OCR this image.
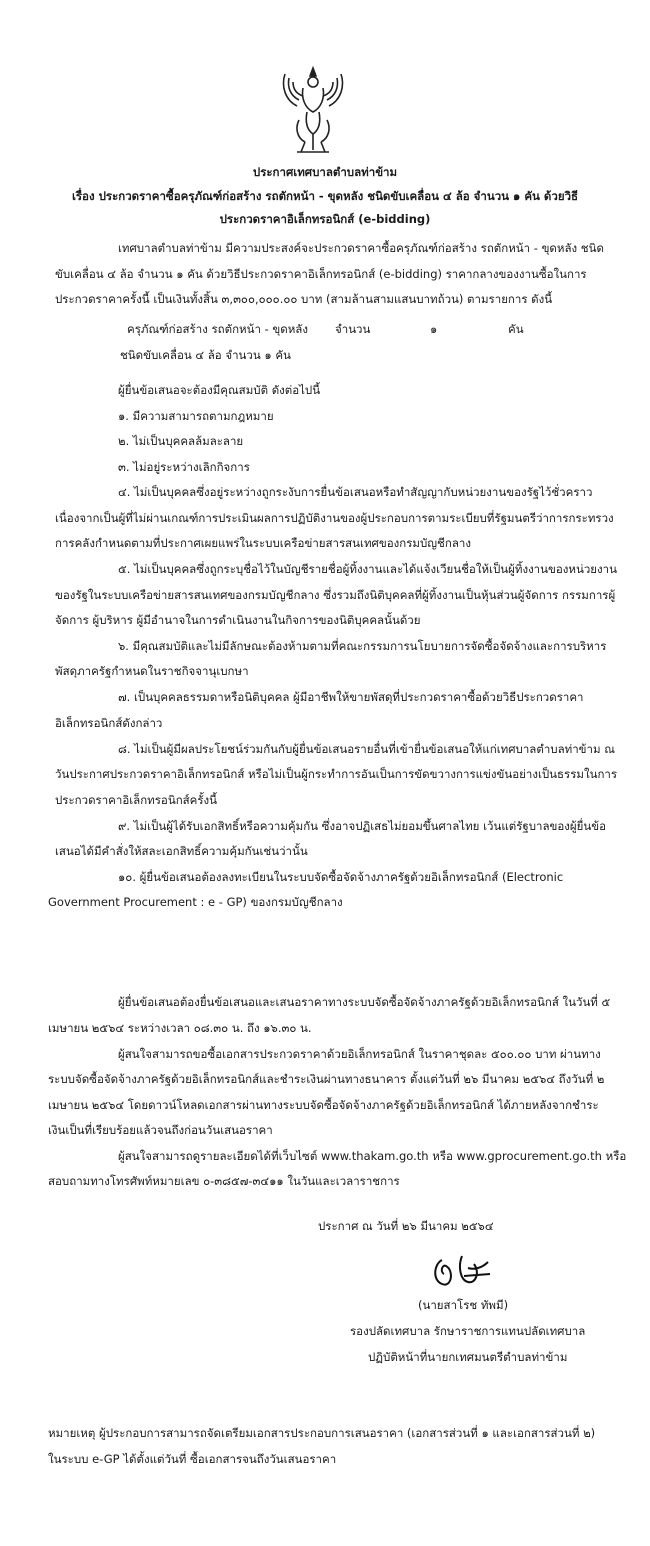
ประกาศเทศบาลตำบลท่าข้าม
เรื่อง ประกวดราคาซื้อครุภัณฑ์ก่อสร้าง รถตักหน้า - ขุดหลัง ชนิดขับเคลื่อน ๔ ล้อ จำนวน ๑ คัน ด้วยวิธี
ประกวดราคาอิเล็กทรอนิกส์ (e-bidding)
เทศบาลตำบลท่าข้าม มีความประสงค์จะประกวดราคาซื้อครุภัณฑ์ก่อสร้าง รถตักหน้า - ขุดหลัง ชนิด
ขับเคลื่อน ๔ ล้อ จำนวน ๑ คัน ด้วยวิธีประกวดราคาอิเล็กทรอนิกส์ (e-bidding) ราคากลางของงานซื้อในการ
ประกวดราคาครั้งนี้ เป็นเงินทั้งสิ้น ๓,๓๐๐,๐๐๐.๐๐ บาท (สามล้านสามแสนบาทถ้วน) ตามรายการ ดังนี้
ครุภัณฑ์ก่อสร้าง รถตักหน้า - ขุดหลัง จำนวน	๑	คัน
ชนิดขับเคลื่อน ๔ ล้อ จำนวน ๑ คัน
ผู้ยื่นข้อเสนอจะต้องมีคุณสมบัติ ดังต่อไปนี้
๑. มีความสามารถตามกฎหมาย
๒. ไม่เป็นบุคคลล้มละลาย
๓. ไม่อยู่ระหว่างเลิกกิจการ
๔. ไม่เป็นบุคคลซึ่งอยู่ระหว่างถูกระงับการยื่นข้อเสนอหรือทำสัญญากับหน่วยงานของรัฐไว้ชั่วคราว
เนื่องจากเป็นผู้ที่ไม่ผ่านเกณฑ์การประเมินผลการปฏิบัติงานของผู้ประกอบการตามระเบียบที่รัฐมนตรีว่าการกระทรวง
การคลังกำหนดตามที่ประกาศเผยแพร่ในระบบเครือข่ายสารสนเทศของกรมบัญชีกลาง
๕. ไม่เป็นบุคคลซึ่งถูกระบุชื่อไว้ในบัญชีรายชื่อผู้ทิ้งงานและได้แจ้งเวียนชื่อให้เป็นผู้ทิ้งงานของหน่วยงาน
ของรัฐในระบบเครือข่ายสารสนเทศของกรมบัญชีกลาง ซึ่งรวมถึงนิติบุคคลที่ผู้ทิ้งงานเป็นหุ้นส่วนผู้จัดการ กรรมการผู้
จัดการ ผู้บริหาร ผู้มีอำนาจในการดำเนินงานในกิจการของนิติบุคคลนั้นด้วย
๖. มีคุณสมบัติและไม่มีลักษณะต้องห้ามตามที่คณะกรรมการนโยบายการจัดซื้อจัดจ้างและการบริหาร
พัสดุภาครัฐกำหนดในราชกิจจานุเบกษา
๗. เป็นบุคคลธรรมดาหรือนิติบุคคล ผู้มีอาชีพให้ขายพัสดุที่ประกวดราคาซื้อด้วยวิธีประกวดราคา
อิเล็กทรอนิกส์ดังกล่าว
๘. ไม่เป็นผู้มีผลประโยชน์ร่วมกันกับผู้ยื่นข้อเสนอรายอื่นที่เข้ายื่นข้อเสนอให้แก่เทศบาลตำบลท่าข้าม ณ
วันประกาศประกวดราคาอิเล็กทรอนิกส์ หรือไม่เป็นผู้กระทำการอันเป็นการขัดขวางการแข่งขันอย่างเป็นธรรมในการ
ประกวดราคาอิเล็กทรอนิกส์ครั้งนี้
๙. ไม่เป็นผู้ได้รับเอกสิทธิ์หรือความคุ้มกัน ซึ่งอาจปฏิเสธไม่ยอมขึ้นศาลไทย เว้นแต่รัฐบาลของผู้ยื่นข้อ
เสนอได้มีคำสั่งให้สละเอกสิทธิ์ความคุ้มกันเช่นว่านั้น
๑๐. ผู้ยื่นข้อเสนอต้องลงทะเบียนในระบบจัดซื้อจัดจ้างภาครัฐด้วยอิเล็กทรอนิกส์ (Electronic
Government Procurement : e - GP) ของกรมบัญชีกลาง
ผู้ยื่นข้อเสนอต้องยื่นข้อเสนอและเสนอราคาทางระบบจัดซื้อจัดจ้างภาครัฐด้วยอิเล็กทรอนิกส์ ในวันที่ ๕
เมษายน ๒๕๖๔ ระหว่างเวลา ๐๘.๓๐ น. ถึง ๑๖.๓๐ น.
ผู้สนใจสามารถขอซื้อเอกสารประกวดราคาด้วยอิเล็กทรอนิกส์ ในราคาชุดละ ๕๐๐.๐๐ บาท ผ่านทาง
ระบบจัดซื้อจัดจ้างภาครัฐด้วยอิเล็กทรอนิกส์และชำระเงินผ่านทางธนาคาร ตั้งแต่วันที่ ๒๖ มีนาคม ๒๕๖๔ ถึงวันที่ ๒
เมษายน ๒๕๖๔ โดยดาวน์โหลดเอกสารผ่านทางระบบจัดซื้อจัดจ้างภาครัฐด้วยอิเล็กทรอนิกส์ ได้ภายหลังจากชำระ
เงินเป็นที่เรียบร้อยแล้วจนถึงก่อนวันเสนอราคา
ผู้สนใจสามารถดูรายละเอียดได้ที่เว็บไซต์ www.thakam.go.th หรือ www.gprocurement.go.th หรือ
สอบถามทางโทรศัพท์หมายเลข ๐-๓๘๕๗-๓๔๑๑ ในวันและเวลาราชการ
ประกาศ ณ วันที่ ๒๖ มีนาคม ๒๕๖๔
(นายสาโรช ทัพมี)
รองปลัดเทศบาล รักษาราชการแทนปลัดเทศบาล
ปฏิบัติหน้าที่นายกเทศมนตรีตำบลท่าข้าม
หมายเหตุ ผู้ประกอบการสามารถจัดเตรียมเอกสารประกอบการเสนอราคา (เอกสารส่วนที่ ๑ และเอกสารส่วนที่ ๒)
ในระบบ e-GP ได้ตั้งแต่วันที่ ซื้อเอกสารจนถึงวันเสนอราคา
